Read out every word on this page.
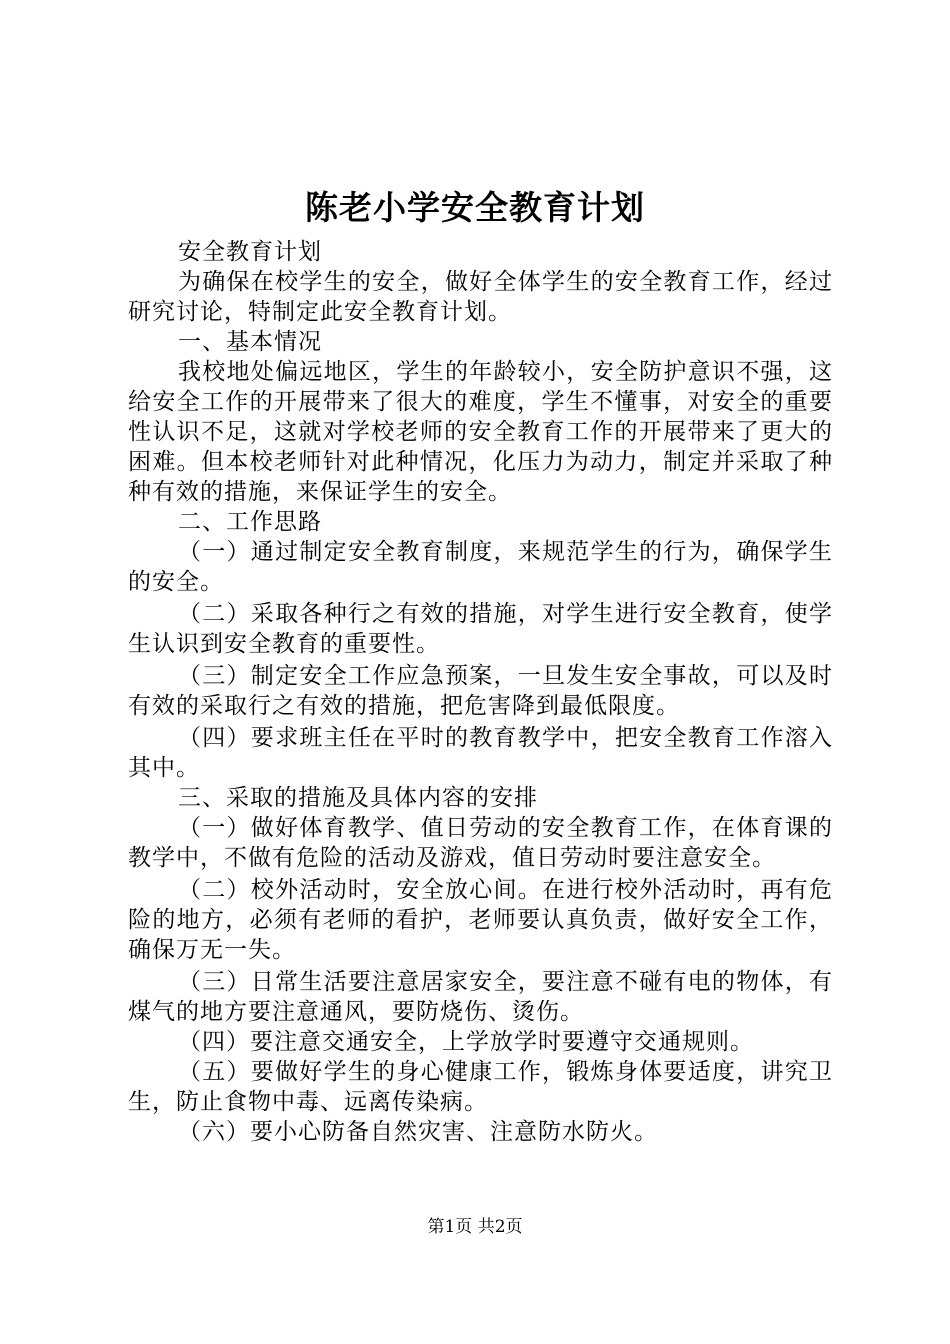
陈老小学安全教育计划

安全教育计划

为确保在校学生的安全，做好全体学生的安全教育工作，经过研究讨论，特制定此安全教育计划。

一、基本情况

我校地处偏远地区，学生的年龄较小，安全防护意识不强，这给安全工作的开展带来了很大的难度，学生不懂事，对安全的重要性认识不足，这就对学校老师的安全教育工作的开展带来了更大的困难。但本校老师针对此种情况，化压力为动力，制定并采取了种种有效的措施，来保证学生的安全。

二、工作思路

（一）通过制定安全教育制度，来规范学生的行为，确保学生的安全。

（二）采取各种行之有效的措施，对学生进行安全教育，使学生认识到安全教育的重要性。

（三）制定安全工作应急预案，一旦发生安全事故，可以及时有效的采取行之有效的措施，把危害降到最低限度。

（四）要求班主任在平时的教育教学中，把安全教育工作溶入其中。

三、采取的措施及具体内容的安排

（一）做好体育教学、值日劳动的安全教育工作，在体育课的教学中，不做有危险的活动及游戏，值日劳动时要注意安全。

（二）校外活动时，安全放心间。在进行校外活动时，再有危险的地方，必须有老师的看护，老师要认真负责，做好安全工作，确保万无一失。

（三）日常生活要注意居家安全，要注意不碰有电的物体，有煤气的地方要注意通风，要防烧伤、烫伤。

（四）要注意交通安全，上学放学时要遵守交通规则。

（五）要做好学生的身心健康工作，锻炼身体要适度，讲究卫生，防止食物中毒、远离传染病。

（六）要小心防备自然灾害、注意防水防火。

第1页 共2页
